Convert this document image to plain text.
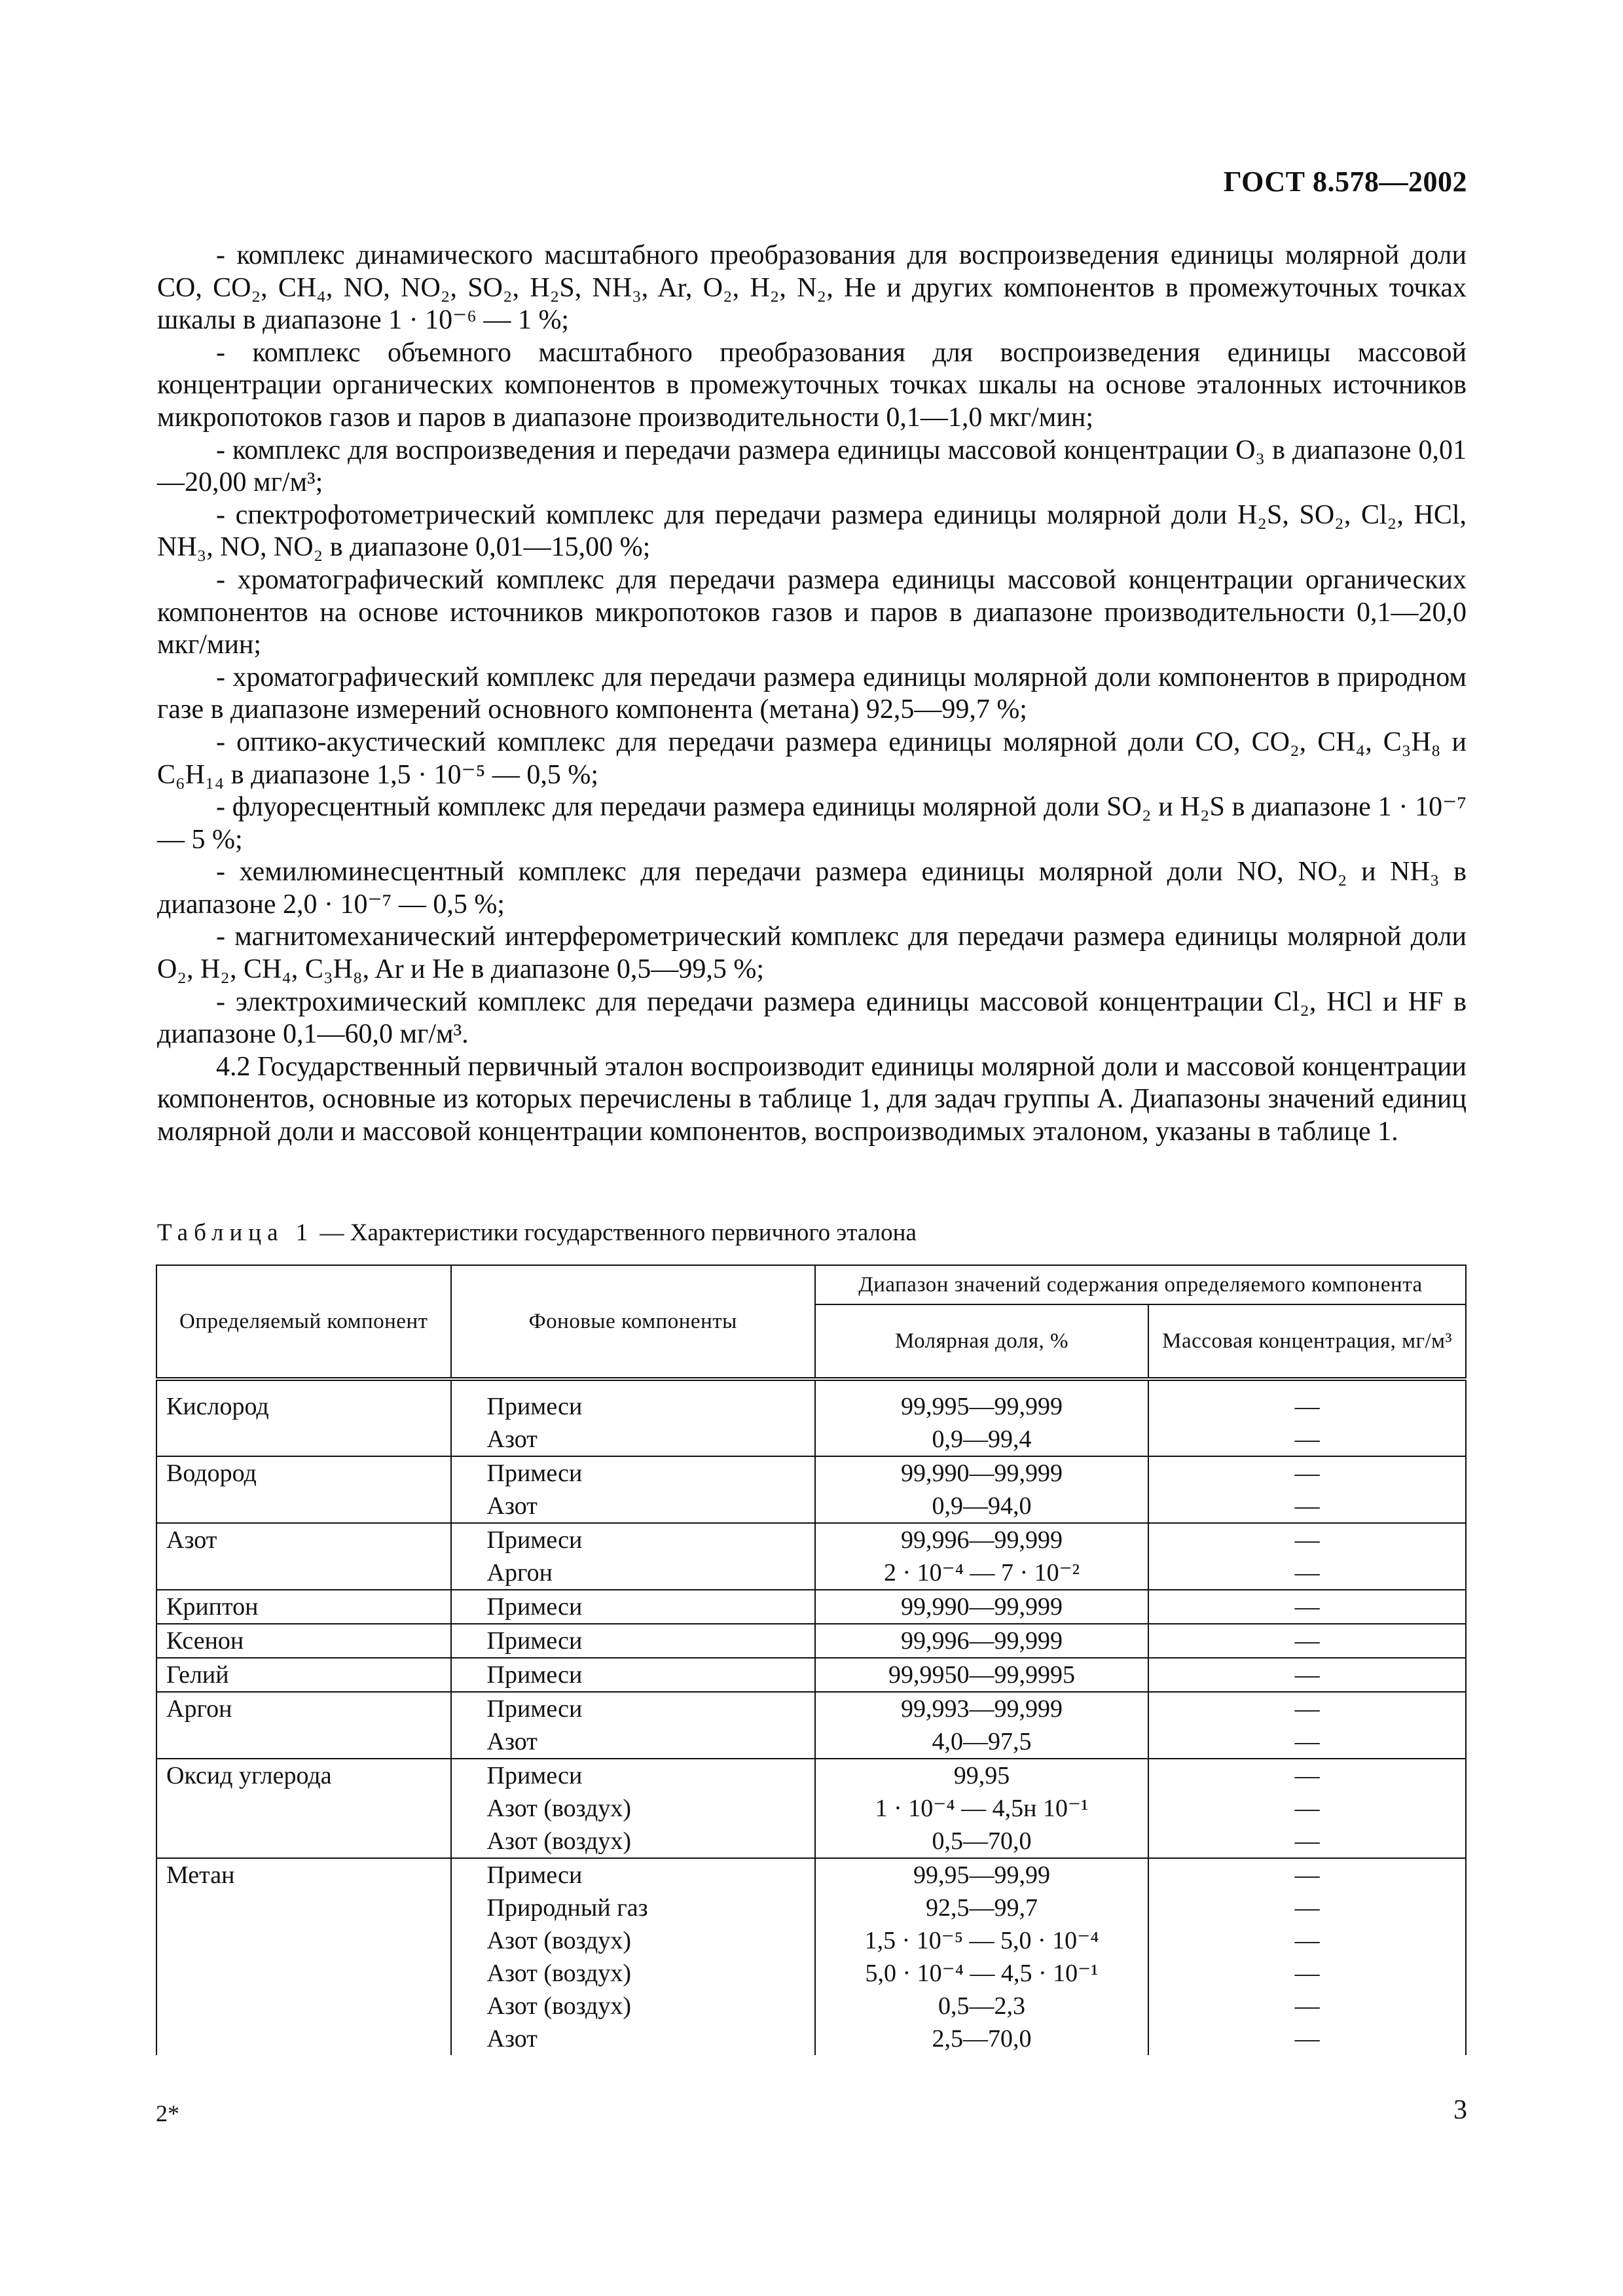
ГОСТ 8.578—2002

- комплекс динамического масштабного преобразования для воспроизведения единицы молярной доли CO, CO₂, CH₄, NO, NO₂, SO₂, H₂S, NH₃, Ar, O₂, H₂, N₂, He и других компонентов в промежуточных точках шкалы в диапазоне 1 · 10⁻⁶ — 1 %;

- комплекс объемного масштабного преобразования для воспроизведения единицы массовой концентрации органических компонентов в промежуточных точках шкалы на основе эталонных источников микропотоков газов и паров в диапазоне производительности 0,1—1,0 мкг/мин;

- комплекс для воспроизведения и передачи размера единицы массовой концентрации O₃ в диапазоне 0,01—20,00 мг/м³;

- спектрофотометрический комплекс для передачи размера единицы молярной доли H₂S, SO₂, Cl₂, HCl, NH₃, NO, NO₂ в диапазоне 0,01—15,00 %;

- хроматографический комплекс для передачи размера единицы массовой концентрации органических компонентов на основе источников микропотоков газов и паров в диапазоне производительности 0,1—20,0 мкг/мин;

- хроматографический комплекс для передачи размера единицы молярной доли компонентов в природном газе в диапазоне измерений основного компонента (метана) 92,5—99,7 %;

- оптико-акустический комплекс для передачи размера единицы молярной доли CO, CO₂, CH₄, C₃H₈ и C₆H₁₄ в диапазоне 1,5 · 10⁻⁵ — 0,5 %;

- флуоресцентный комплекс для передачи размера единицы молярной доли SO₂ и H₂S в диапазоне 1 · 10⁻⁷ — 5 %;

- хемилюминесцентный комплекс для передачи размера единицы молярной доли NO, NO₂ и NH₃ в диапазоне 2,0 · 10⁻⁷ — 0,5 %;

- магнитомеханический интерферометрический комплекс для передачи размера единицы молярной доли O₂, H₂, CH₄, C₃H₈, Ar и He в диапазоне 0,5—99,5 %;

- электрохимический комплекс для передачи размера единицы массовой концентрации Cl₂, HCl и HF в диапазоне 0,1—60,0 мг/м³.

4.2 Государственный первичный эталон воспроизводит единицы молярной доли и массовой концентрации компонентов, основные из которых перечислены в таблице 1, для задач группы А. Диапазоны значений единиц молярной доли и массовой концентрации компонентов, воспроизводимых эталоном, указаны в таблице 1.

Таблица 1 — Характеристики государственного первичного эталона
Определяемый компонент	Фоновые компоненты	Диапазон значений содержания определяемого компонента	
		Молярная доля, %	Массовая концентрация, мг/м³
Кислород	Примеси	99,995—99,999	—
	Азот	0,9—99,4	—
Водород	Примеси	99,990—99,999	—
	Азот	0,9—94,0	—
Азот	Примеси	99,996—99,999	—
	Аргон	2 · 10⁻⁴ — 7 · 10⁻²	—
Криптон	Примеси	99,990—99,999	—
Ксенон	Примеси	99,996—99,999	—
Гелий	Примеси	99,9950—99,9995	—
Аргон	Примеси	99,993—99,999	—
	Азот	4,0—97,5	—
Оксид углерода	Примеси	99,95	—
	Азот (воздух)	1 · 10⁻⁴ — 4,5н 10⁻¹	—
	Азот (воздух)	0,5—70,0	—
Метан	Примеси	99,95—99,99	—
	Природный газ	92,5—99,7	—
	Азот (воздух)	1,5 · 10⁻⁵ — 5,0 · 10⁻⁴	—
	Азот (воздух)	5,0 · 10⁻⁴ — 4,5 · 10⁻¹	—
	Азот (воздух)	0,5—2,3	—
	Азот	2,5—70,0	—
2*	3
